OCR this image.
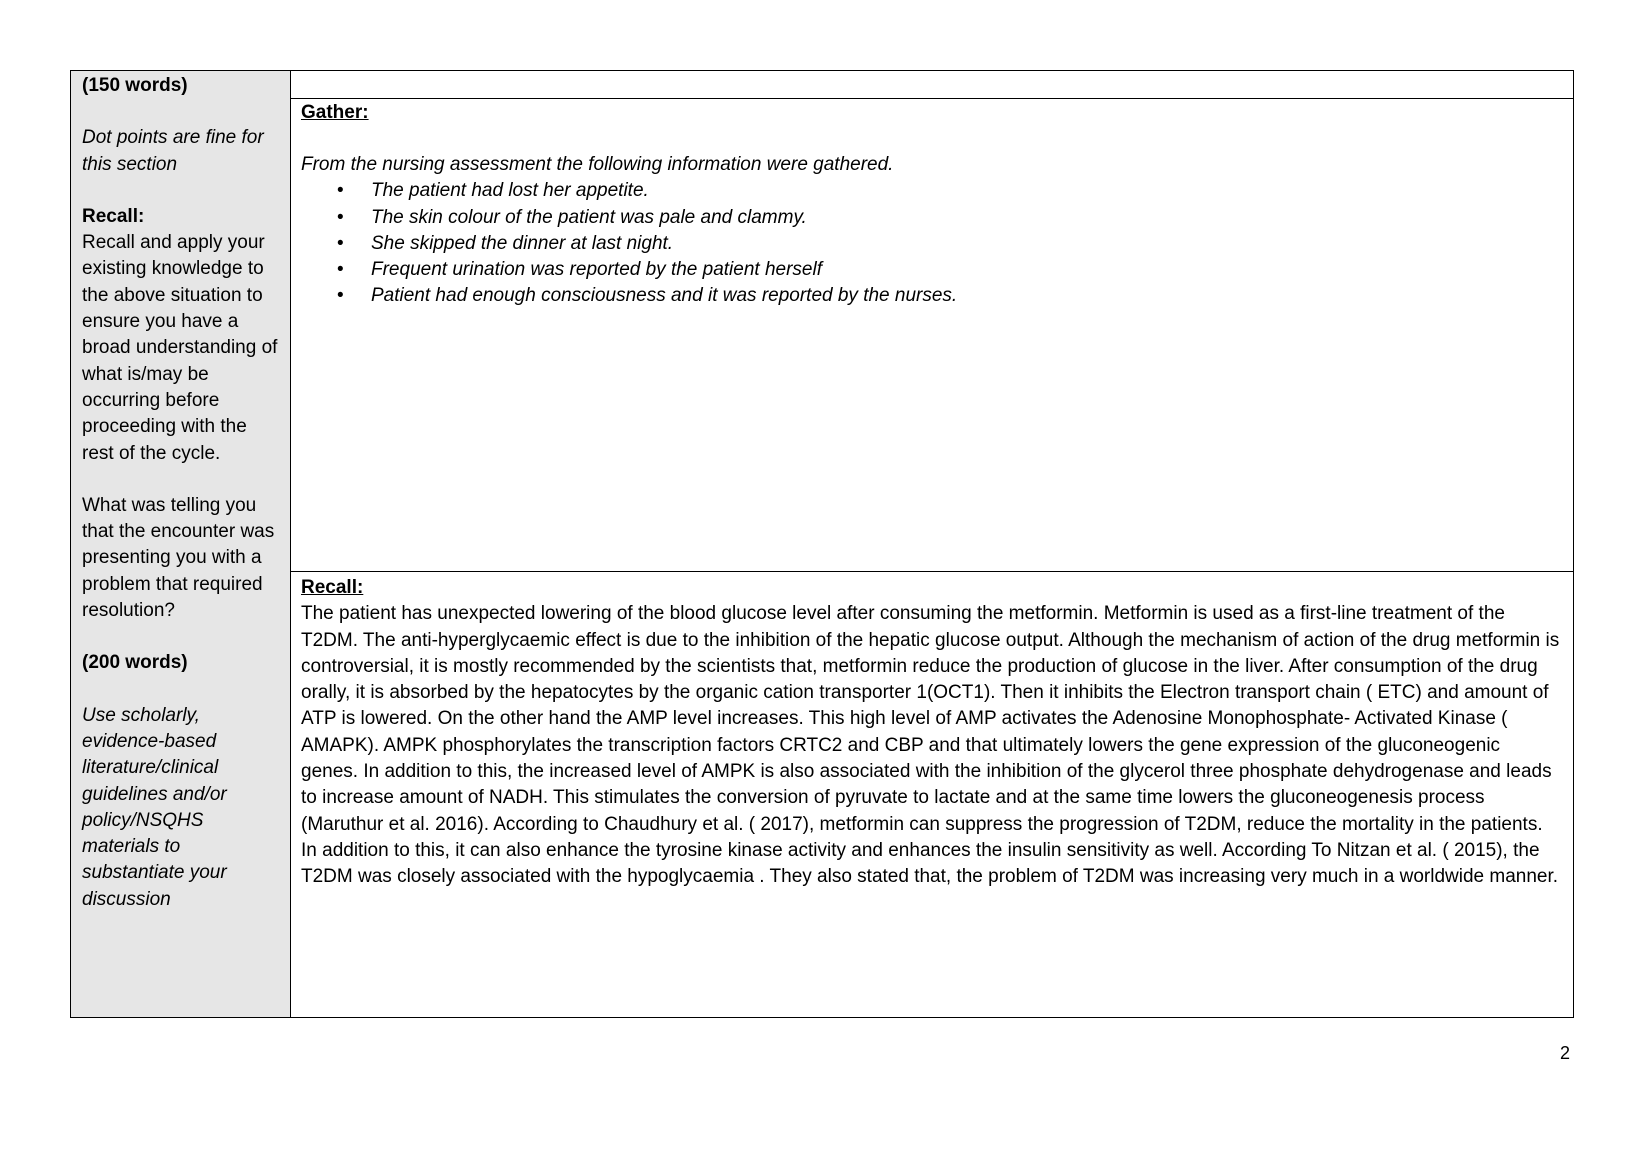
(150 words)

Dot points are fine for this section

Recall:

Recall and apply your existing knowledge to the above situation to ensure you have a broad understanding of what is/may be occurring before proceeding with the rest of the cycle.

What was telling you that the encounter was presenting you with a problem that required resolution?

(200 words)

Use scholarly, evidence-based literature/clinical guidelines and/or policy/NSQHS materials to substantiate your discussion

Gather:

From the nursing assessment the following information were gathered.

• The patient had lost her appetite.
• The skin colour of the patient was pale and clammy.
• She skipped the dinner at last night.
• Frequent urination was reported by the patient herself
• Patient had enough consciousness and it was reported by the nurses.

Recall:

The patient has unexpected lowering of the blood glucose level after consuming the metformin. Metformin is used as a first-line treatment of the T2DM. The anti-hyperglycaemic effect is due to the inhibition of the hepatic glucose output. Although the mechanism of action of the drug metformin is controversial, it is mostly recommended by the scientists that, metformin reduce the production of glucose in the liver. After consumption of the drug orally, it is absorbed by the hepatocytes by the organic cation transporter 1(OCT1). Then it inhibits the Electron transport chain ( ETC) and amount of ATP is lowered. On the other hand the AMP level increases. This high level of AMP activates the Adenosine Monophosphate- Activated Kinase ( AMAPK). AMPK phosphorylates the transcription factors CRTC2 and CBP and that ultimately lowers the gene expression of the gluconeogenic genes. In addition to this, the increased level of AMPK is also associated with the inhibition of the glycerol three phosphate dehydrogenase and leads to increase amount of NADH. This stimulates the conversion of pyruvate to lactate and at the same time lowers the gluconeogenesis process (Maruthur et al. 2016). According to Chaudhury et al. ( 2017), metformin can suppress the progression of T2DM, reduce the mortality in the patients. In addition to this, it can also enhance the tyrosine kinase activity and enhances the insulin sensitivity as well. According To Nitzan et al. ( 2015), the T2DM was closely associated with the hypoglycaemia . They also stated that, the problem of T2DM was increasing very much in a worldwide manner.

2
